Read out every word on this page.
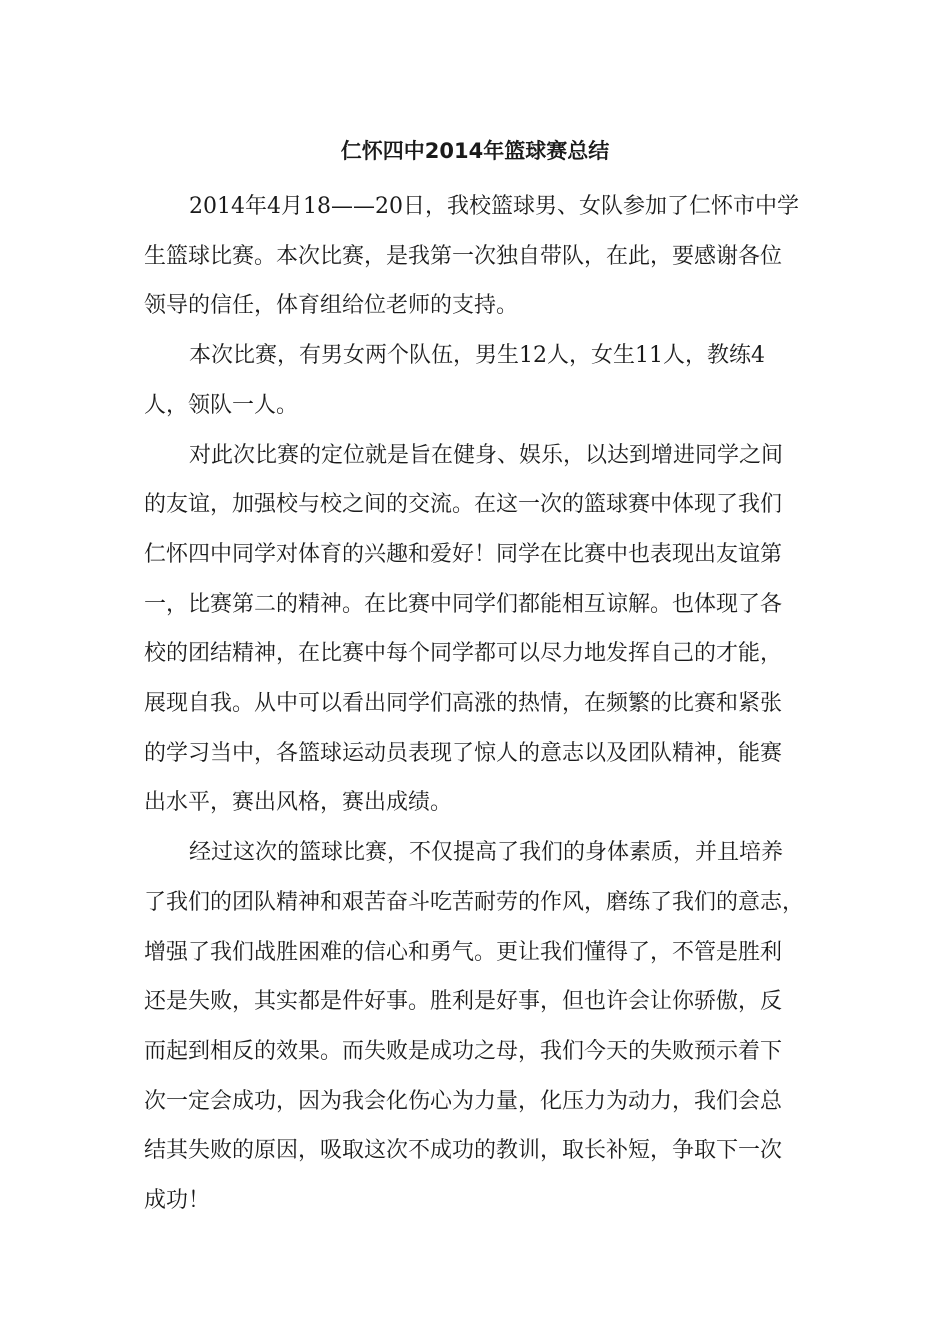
仁怀四中2014年篮球赛总结

2014年4月18——20日，我校篮球男、女队参加了仁怀市中学
生篮球比赛。本次比赛，是我第一次独自带队，在此，要感谢各位
领导的信任，体育组给位老师的支持。

本次比赛，有男女两个队伍，男生12人，女生11人，教练4
人，领队一人。

对此次比赛的定位就是旨在健身、娱乐，以达到增进同学之间
的友谊，加强校与校之间的交流。在这一次的篮球赛中体现了我们
仁怀四中同学对体育的兴趣和爱好！同学在比赛中也表现出友谊第
一，比赛第二的精神。在比赛中同学们都能相互谅解。也体现了各
校的团结精神，在比赛中每个同学都可以尽力地发挥自己的才能，
展现自我。从中可以看出同学们高涨的热情，在频繁的比赛和紧张
的学习当中，各篮球运动员表现了惊人的意志以及团队精神，能赛
出水平，赛出风格，赛出成绩。

经过这次的篮球比赛，不仅提高了我们的身体素质，并且培养
了我们的团队精神和艰苦奋斗吃苦耐劳的作风，磨练了我们的意志，
增强了我们战胜困难的信心和勇气。更让我们懂得了，不管是胜利
还是失败，其实都是件好事。胜利是好事，但也许会让你骄傲，反
而起到相反的效果。而失败是成功之母，我们今天的失败预示着下
次一定会成功，因为我会化伤心为力量，化压力为动力，我们会总
结其失败的原因，吸取这次不成功的教训，取长补短，争取下一次
成功！
